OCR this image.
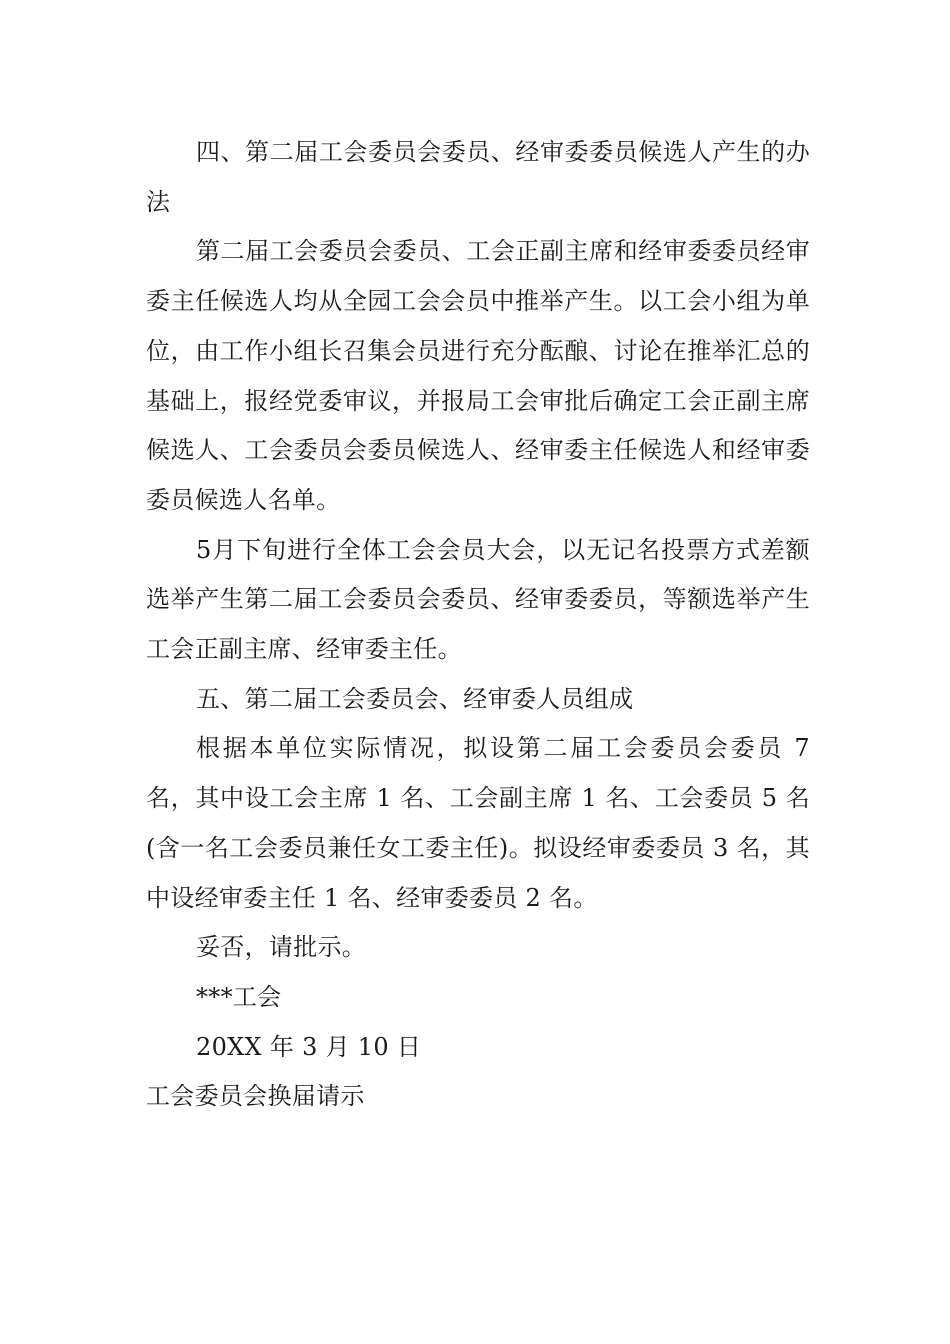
四、第二届工会委员会委员、经审委委员候选人产生的办法

第二届工会委员会委员、工会正副主席和经审委委员经审委主任候选人均从全园工会会员中推举产生。以工会小组为单位，由工作小组长召集会员进行充分酝酿、讨论在推举汇总的基础上，报经党委审议，并报局工会审批后确定工会正副主席候选人、工会委员会委员候选人、经审委主任候选人和经审委委员候选人名单。

5月下旬进行全体工会会员大会，以无记名投票方式差额选举产生第二届工会委员会委员、经审委委员，等额选举产生工会正副主席、经审委主任。

五、第二届工会委员会、经审委人员组成

根据本单位实际情况，拟设第二届工会委员会委员 7 名，其中设工会主席 1 名、工会副主席 1 名、工会委员 5 名(含一名工会委员兼任女工委主任)。拟设经审委委员 3 名，其中设经审委主任 1 名、经审委委员 2 名。

妥否，请批示。

***工会

20XX 年 3 月 10 日

工会委员会换届请示
